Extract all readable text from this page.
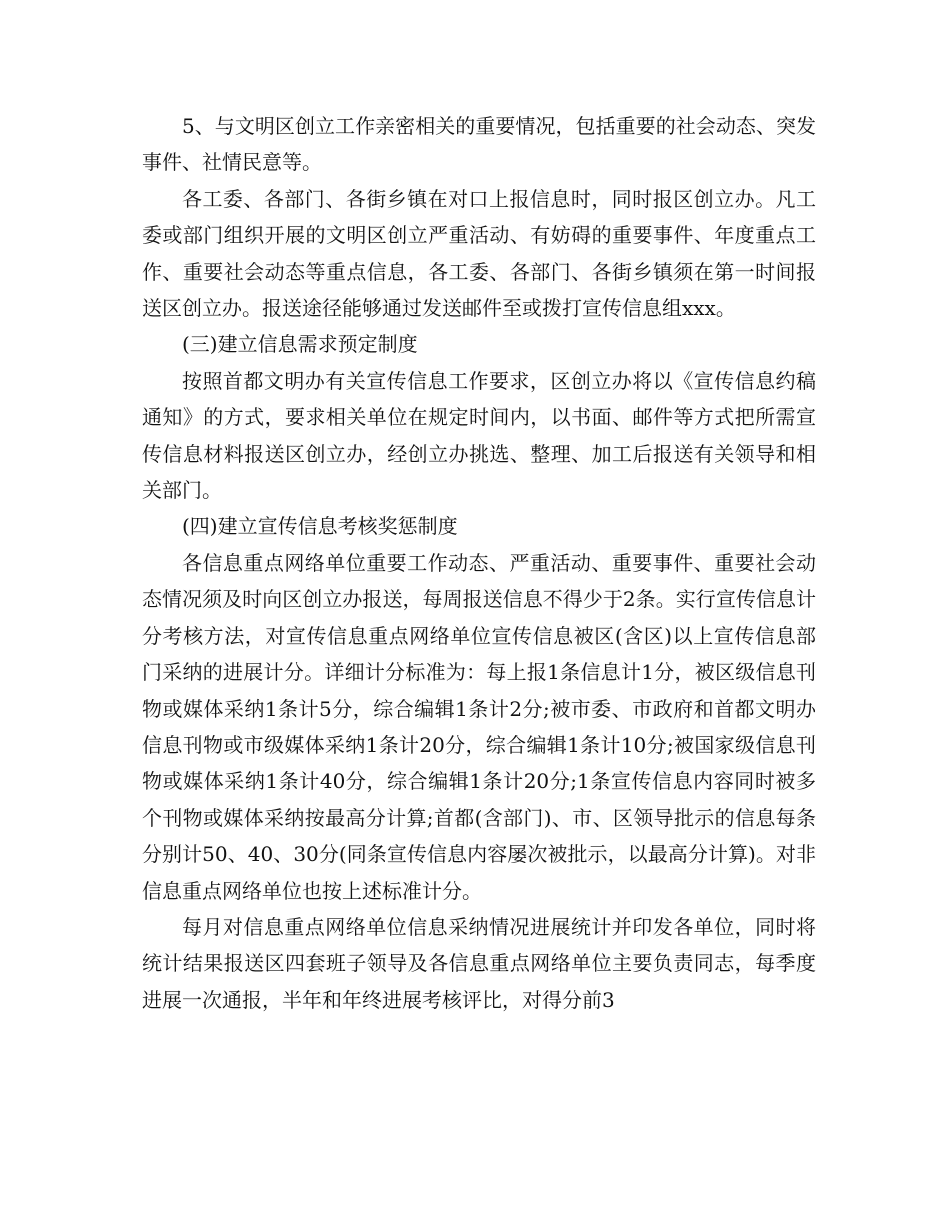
5、与文明区创立工作亲密相关的重要情况，包括重要的社会动态、突发事件、社情民意等。

各工委、各部门、各街乡镇在对口上报信息时，同时报区创立办。凡工委或部门组织开展的文明区创立严重活动、有妨碍的重要事件、年度重点工作、重要社会动态等重点信息，各工委、各部门、各街乡镇须在第一时间报送区创立办。报送途径能够通过发送邮件至或拨打宣传信息组xxx。

(三)建立信息需求预定制度

按照首都文明办有关宣传信息工作要求，区创立办将以《宣传信息约稿通知》的方式，要求相关单位在规定时间内，以书面、邮件等方式把所需宣传信息材料报送区创立办，经创立办挑选、整理、加工后报送有关领导和相关部门。

(四)建立宣传信息考核奖惩制度

各信息重点网络单位重要工作动态、严重活动、重要事件、重要社会动态情况须及时向区创立办报送，每周报送信息不得少于2条。实行宣传信息计分考核方法，对宣传信息重点网络单位宣传信息被区(含区)以上宣传信息部门采纳的进展计分。详细计分标准为：每上报1条信息计1分，被区级信息刊物或媒体采纳1条计5分，综合编辑1条计2分;被市委、市政府和首都文明办信息刊物或市级媒体采纳1条计20分，综合编辑1条计10分;被国家级信息刊物或媒体采纳1条计40分，综合编辑1条计20分;1条宣传信息内容同时被多个刊物或媒体采纳按最高分计算;首都(含部门)、市、区领导批示的信息每条分别计50、40、30分(同条宣传信息内容屡次被批示，以最高分计算)。对非信息重点网络单位也按上述标准计分。

每月对信息重点网络单位信息采纳情况进展统计并印发各单位，同时将统计结果报送区四套班子领导及各信息重点网络单位主要负责同志，每季度进展一次通报，半年和年终进展考核评比，对得分前3
